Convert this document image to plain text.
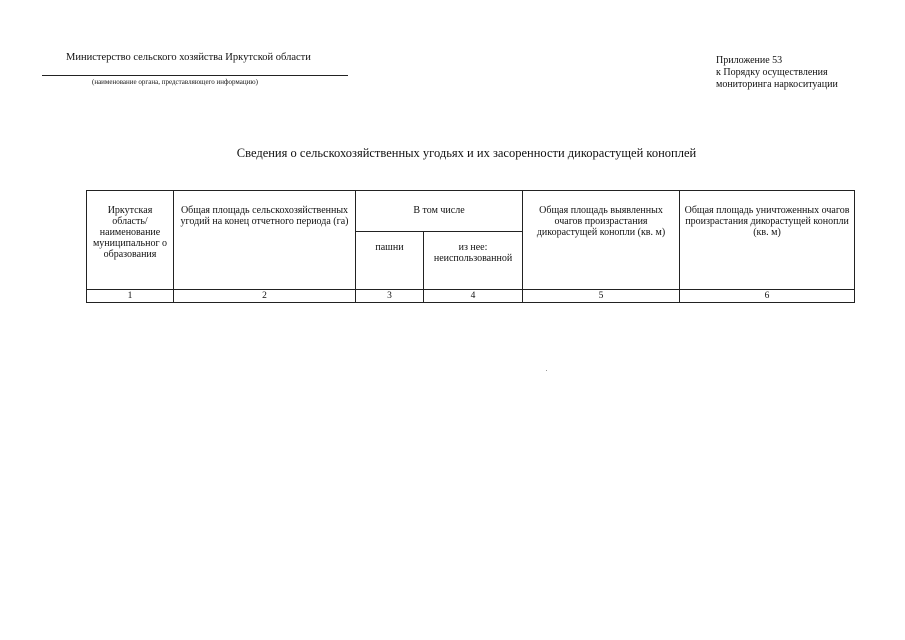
Министерство сельского хозяйства Иркутской области
(наименование органа, представляющего информацию)
Приложение 53
к Порядку осуществления
мониторинга наркоситуации
Сведения о сельскохозяйственных угодьях и их засоренности дикорастущей коноплей
Иркутская область/ наименование муниципальног о образования	Общая площадь сельскохозяйственных угодий на конец отчетного периода (га)	В том числе		Общая площадь выявленных очагов произрастания дикорастущей конопли (кв. м)	Общая площадь уничтоженных очагов произрастания дикорастущей конопли (кв. м)
		пашни	из нее: неиспользованной		
1	2	3	4	5	6
